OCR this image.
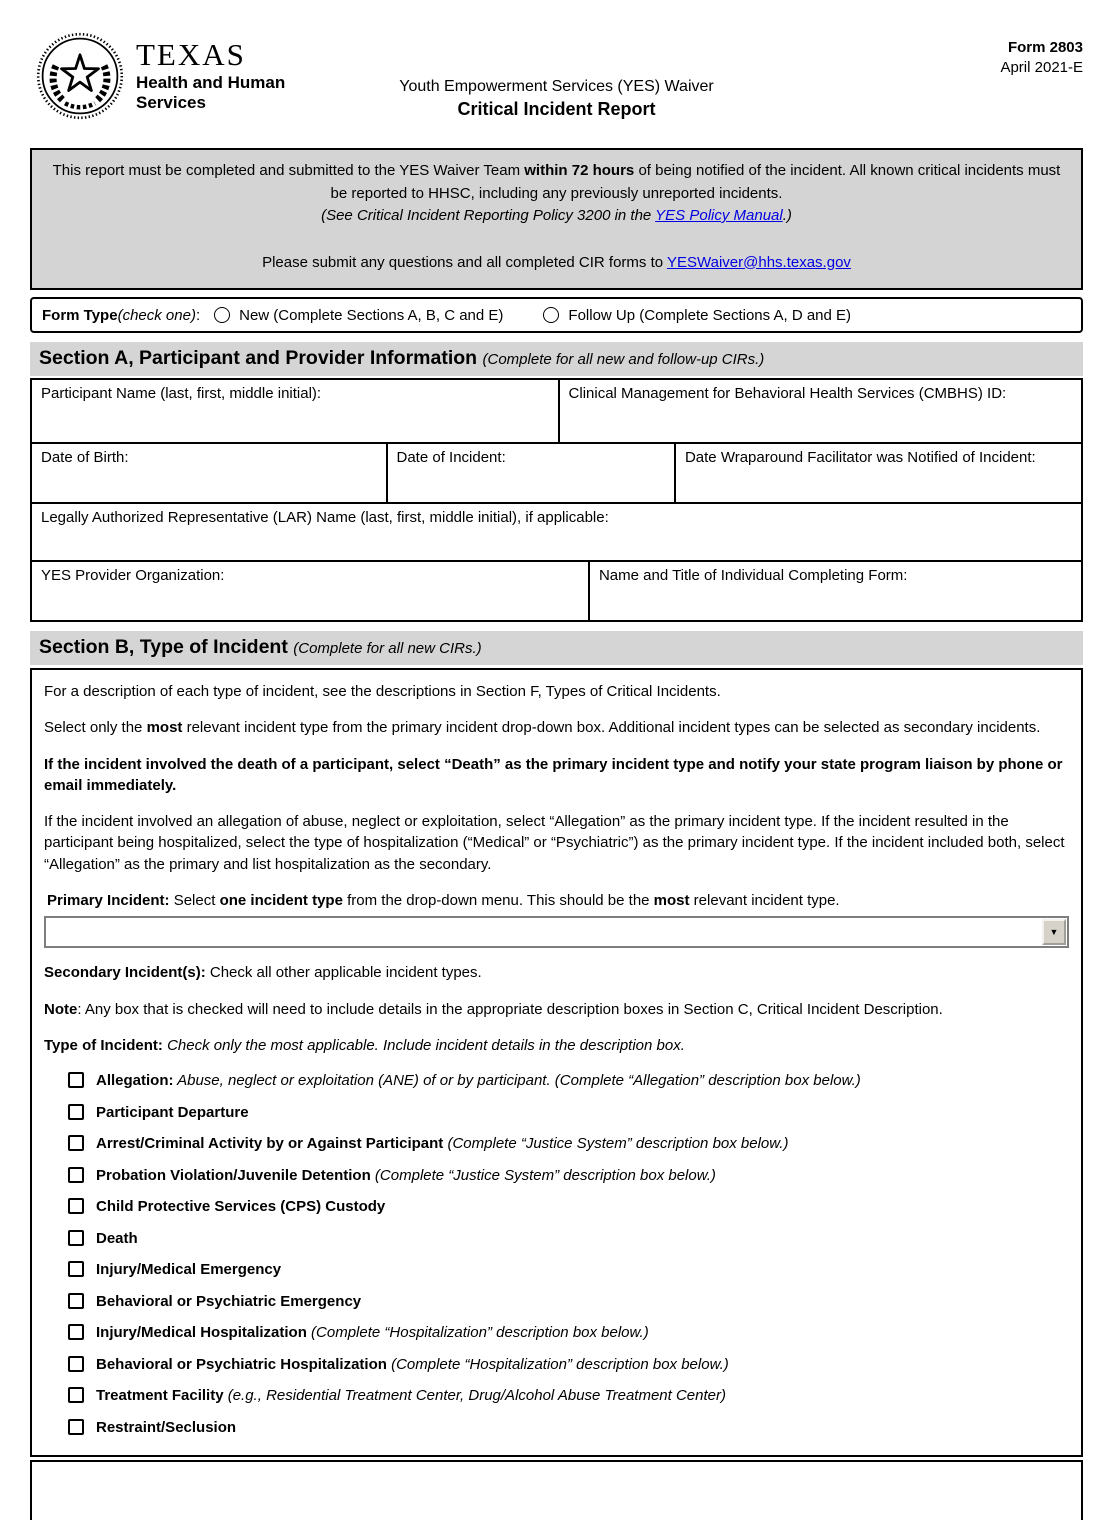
TEXAS
Health and Human
Services
Youth Empowerment Services (YES) Waiver
Critical Incident Report
Form 2803
April 2021-E
This report must be completed and submitted to the YES Waiver Team within 72 hours of being notified of the incident. All known critical incidents must be reported to HHSC, including any previously unreported incidents.
(See Critical Incident Reporting Policy 3200 in the YES Policy Manual.)
Please submit any questions and all completed CIR forms to YESWaiver@hhs.texas.gov
Form Type (check one) :	New (Complete Sections A, B, C and E)	Follow Up (Complete Sections A, D and E)
Section A, Participant and Provider Information (Complete for all new and follow-up CIRs.)
Participant Name (last, first, middle initial):	Clinical Management for Behavioral Health Services (CMBHS) ID:
Date of Birth:	Date of Incident:	Date Wraparound Facilitator was Notified of Incident:
Legally Authorized Representative (LAR) Name (last, first, middle initial), if applicable:
YES Provider Organization:	Name and Title of Individual Completing Form:
Section B, Type of Incident (Complete for all new CIRs.)

For a description of each type of incident, see the descriptions in Section F, Types of Critical Incidents.

Select only the most relevant incident type from the primary incident drop-down box. Additional incident types can be selected as secondary incidents.

If the incident involved the death of a participant, select “Death” as the primary incident type and notify your state program liaison by phone or email immediately.

If the incident involved an allegation of abuse, neglect or exploitation, select “Allegation” as the primary incident type. If the incident resulted in the participant being hospitalized, select the type of hospitalization (“Medical” or “Psychiatric”) as the primary incident type. If the incident included both, select “Allegation” as the primary and list hospitalization as the secondary.

Primary Incident: Select one incident type from the drop-down menu. This should be the most relevant incident type.

▼

Secondary Incident(s): Check all other applicable incident types.

Note: Any box that is checked will need to include details in the appropriate description boxes in Section C, Critical Incident Description.

Type of Incident: Check only the most applicable. Include incident details in the description box.

Allegation: Abuse, neglect or exploitation (ANE) of or by participant. (Complete “Allegation” description box below.)
Participant Departure
Arrest/Criminal Activity by or Against Participant (Complete “Justice System” description box below.)
Probation Violation/Juvenile Detention (Complete “Justice System” description box below.)
Child Protective Services (CPS) Custody
Death
Injury/Medical Emergency
Behavioral or Psychiatric Emergency
Injury/Medical Hospitalization (Complete “Hospitalization” description box below.)
Behavioral or Psychiatric Hospitalization (Complete “Hospitalization” description box below.)
Treatment Facility (e.g., Residential Treatment Center, Drug/Alcohol Abuse Treatment Center)
Restraint/Seclusion
